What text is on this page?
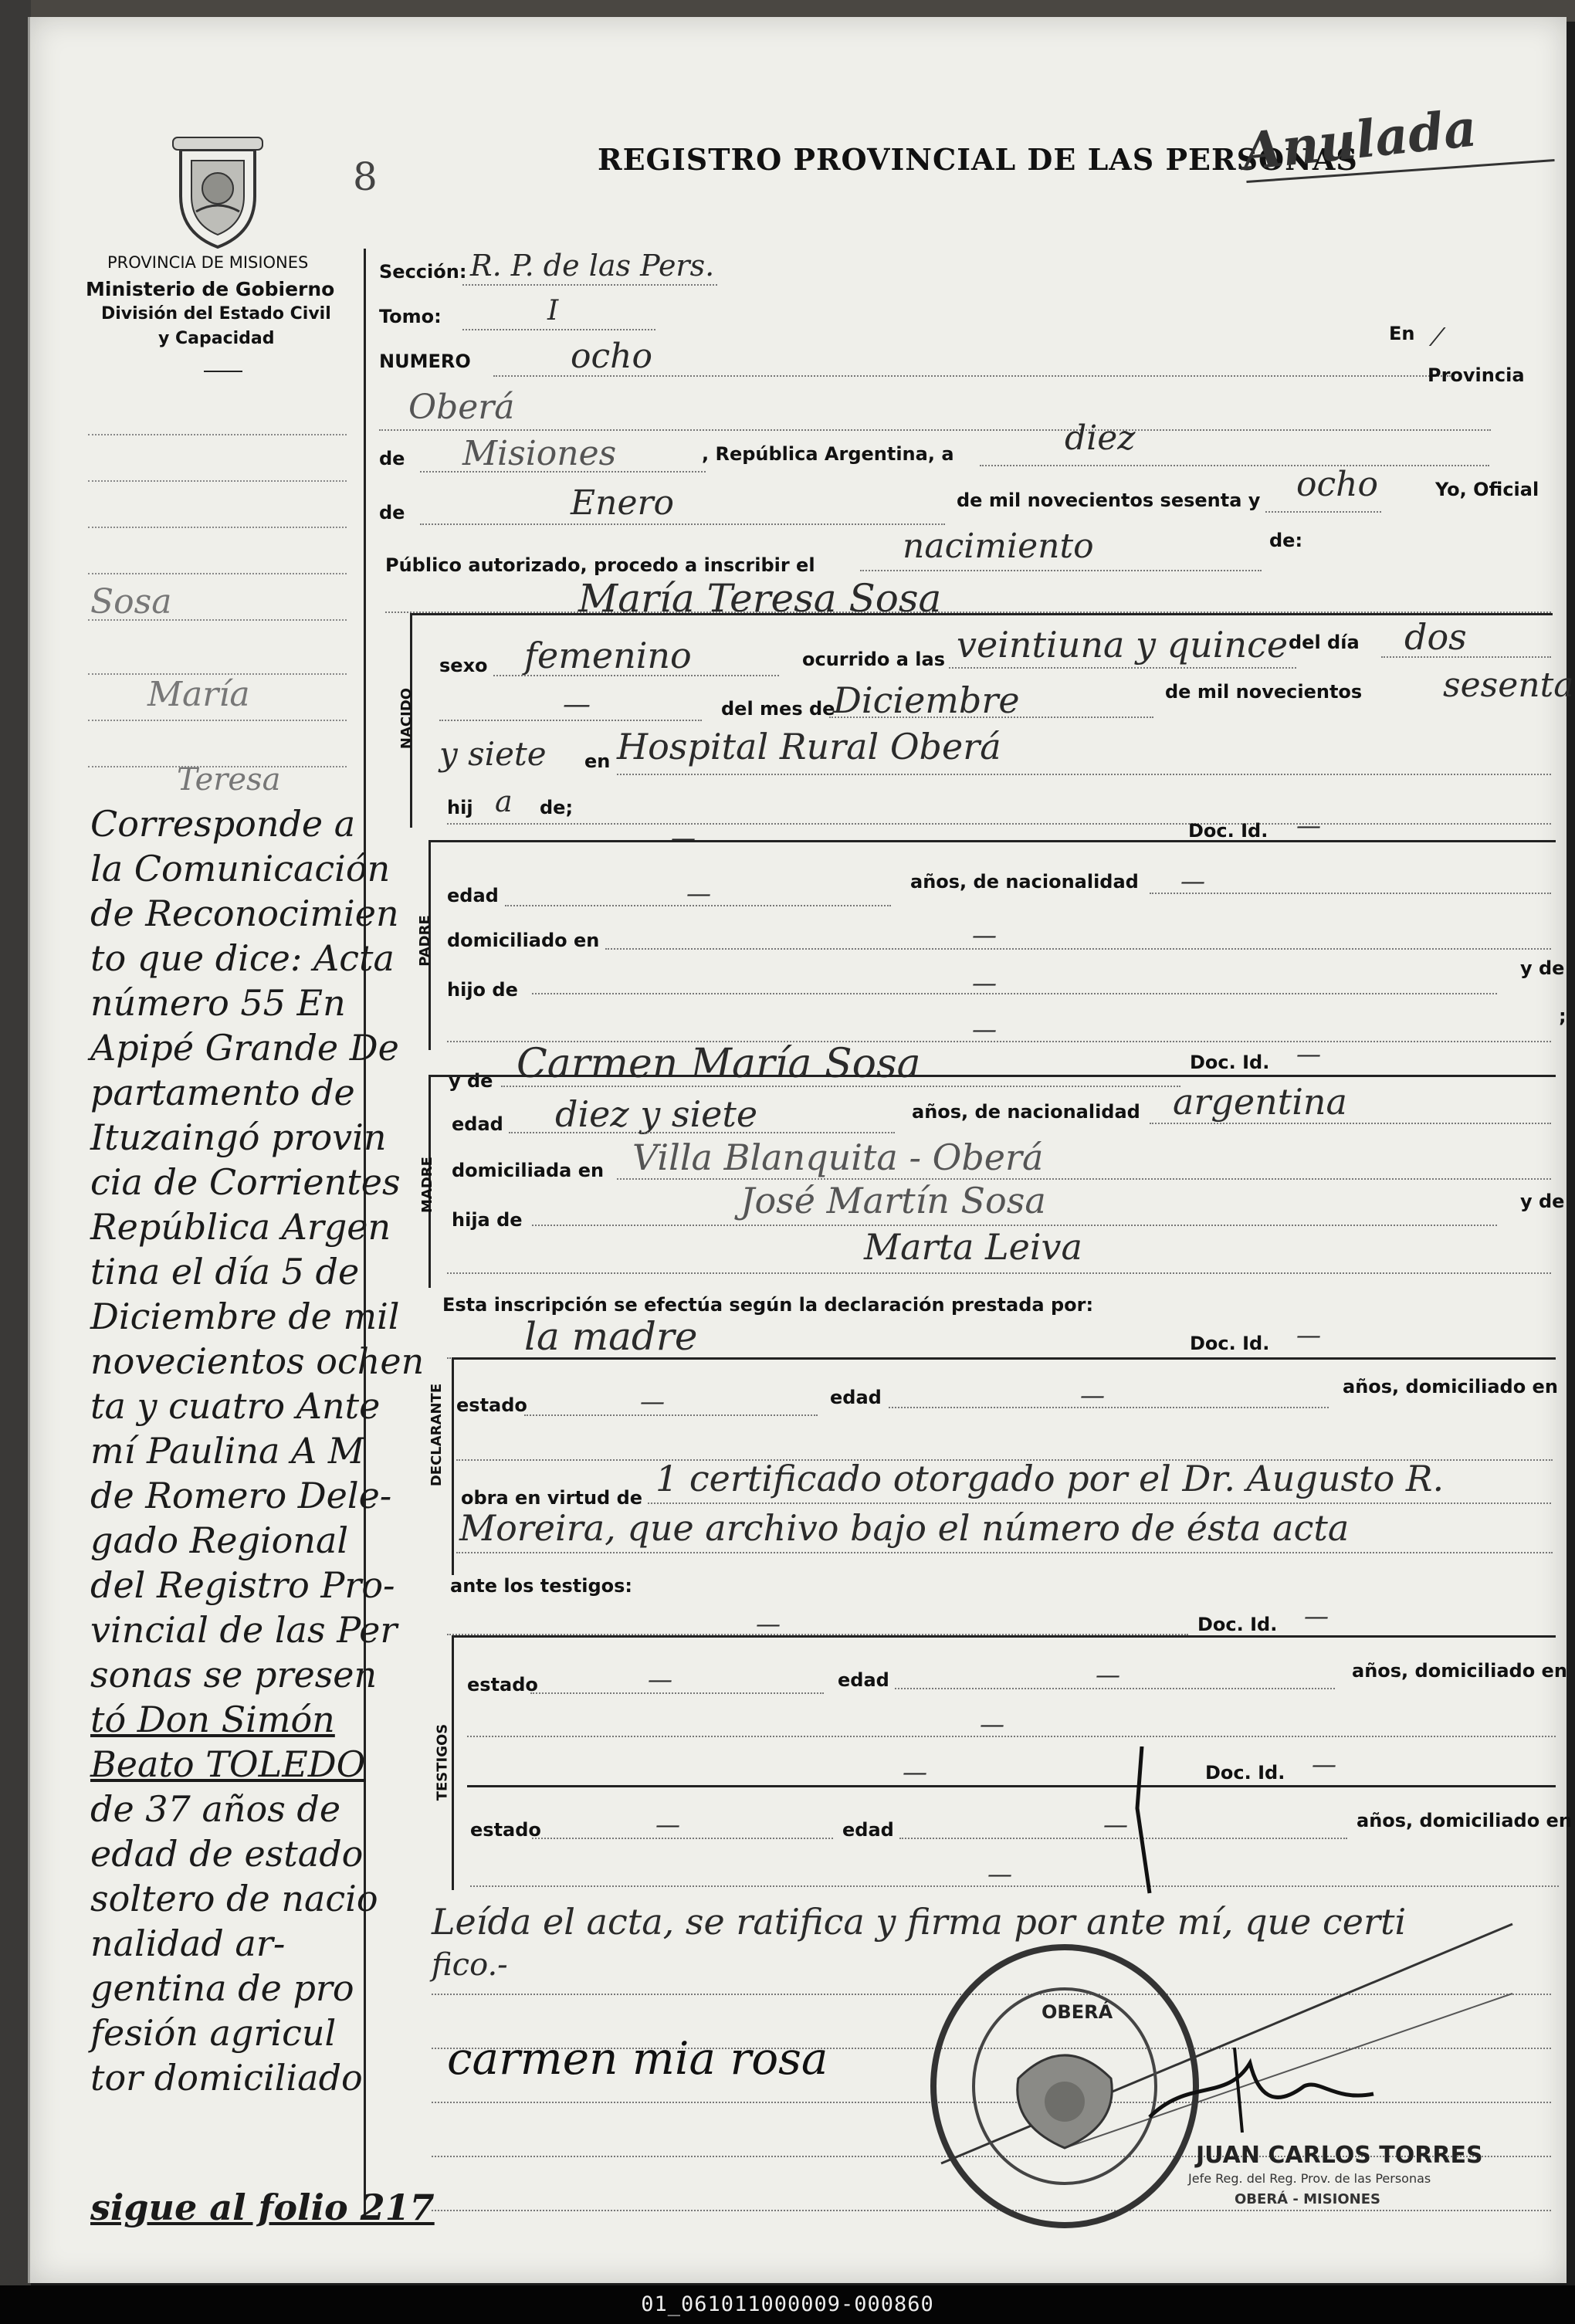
8	REGISTRO PROVINCIAL DE LAS PERSONAS
Anulada
PROVINCIA DE MISIONES
Ministerio de Gobierno
División del Estado Civil
y Capacidad
Sosa
María
Teresa
Corresponde a
la Comunicación
de Reconocimien
to que dice: Acta
número 55 En
Apipé Grande De
partamento de
Ituzaingó provin
cia de Corrientes
República Argen
tina el día 5 de
Diciembre de mil
novecientos ochen
ta y cuatro Ante
mí Paulina A M
de Romero Dele-
gado Regional
del Registro Pro-
vincial de las Per
sonas se presen
tó Don Simón
Beato TOLEDO
de 37 años de
edad de estado
soltero de nacio
nalidad ar-
gentina de pro
fesión agricul
tor domiciliado
sigue al folio 217
Sección: R. P. de las Pers.
Tomo:	I
En ⁄
NUMERO	ocho	Provincia
Oberá
de Misiones	, República Argentina, a	diez
de	Enero	de mil novecientos sesenta y ocho	Yo, Oficial
Público autorizado, procedo a inscribir el	nacimiento	de:
María Teresa Sosa
NACIDO
sexo femenino	ocurrido a las veintiuna y quince del día dos
—	del mes de
Diciembre	de mil novecientos sesenta
y siete en Hospital Rural Oberá
hij a de;
Doc. Id. —
—
PADRE
edad	—	años, de nacionalidad —
domiciliado en	—
hijo de	—	y de
—	;
y de Carmen María Sosa	Doc. Id. —
MADRE
edad diez y siete	años, de nacionalidad argentina
domiciliada en Villa Blanquita - Oberá
hija de	José Martín Sosa	y de
Marta Leiva
Esta inscripción se efectúa según la declaración prestada por:
la madre	Doc. Id. —
DECLARANTE estado	—	edad	—	años, domiciliado en
obra en virtud de 1 certificado otorgado por el Dr. Augusto R.
Moreira, que archivo bajo el número de ésta acta
ante los testigos:
—	Doc. Id. —
TESTIGOS
estado	—	edad	—	años, domiciliado en
—
—	Doc. Id. —
estado	—	edad	—	años, domiciliado en
—
Leída el acta, se ratifica y firma por ante mí, que certi
fico.-
carmen mia rosa
OBERÁ
JUAN CARLOS TORRES
Jefe Reg. del Reg. Prov. de las Personas
OBERÁ - MISIONES
01_061011000009-000860
